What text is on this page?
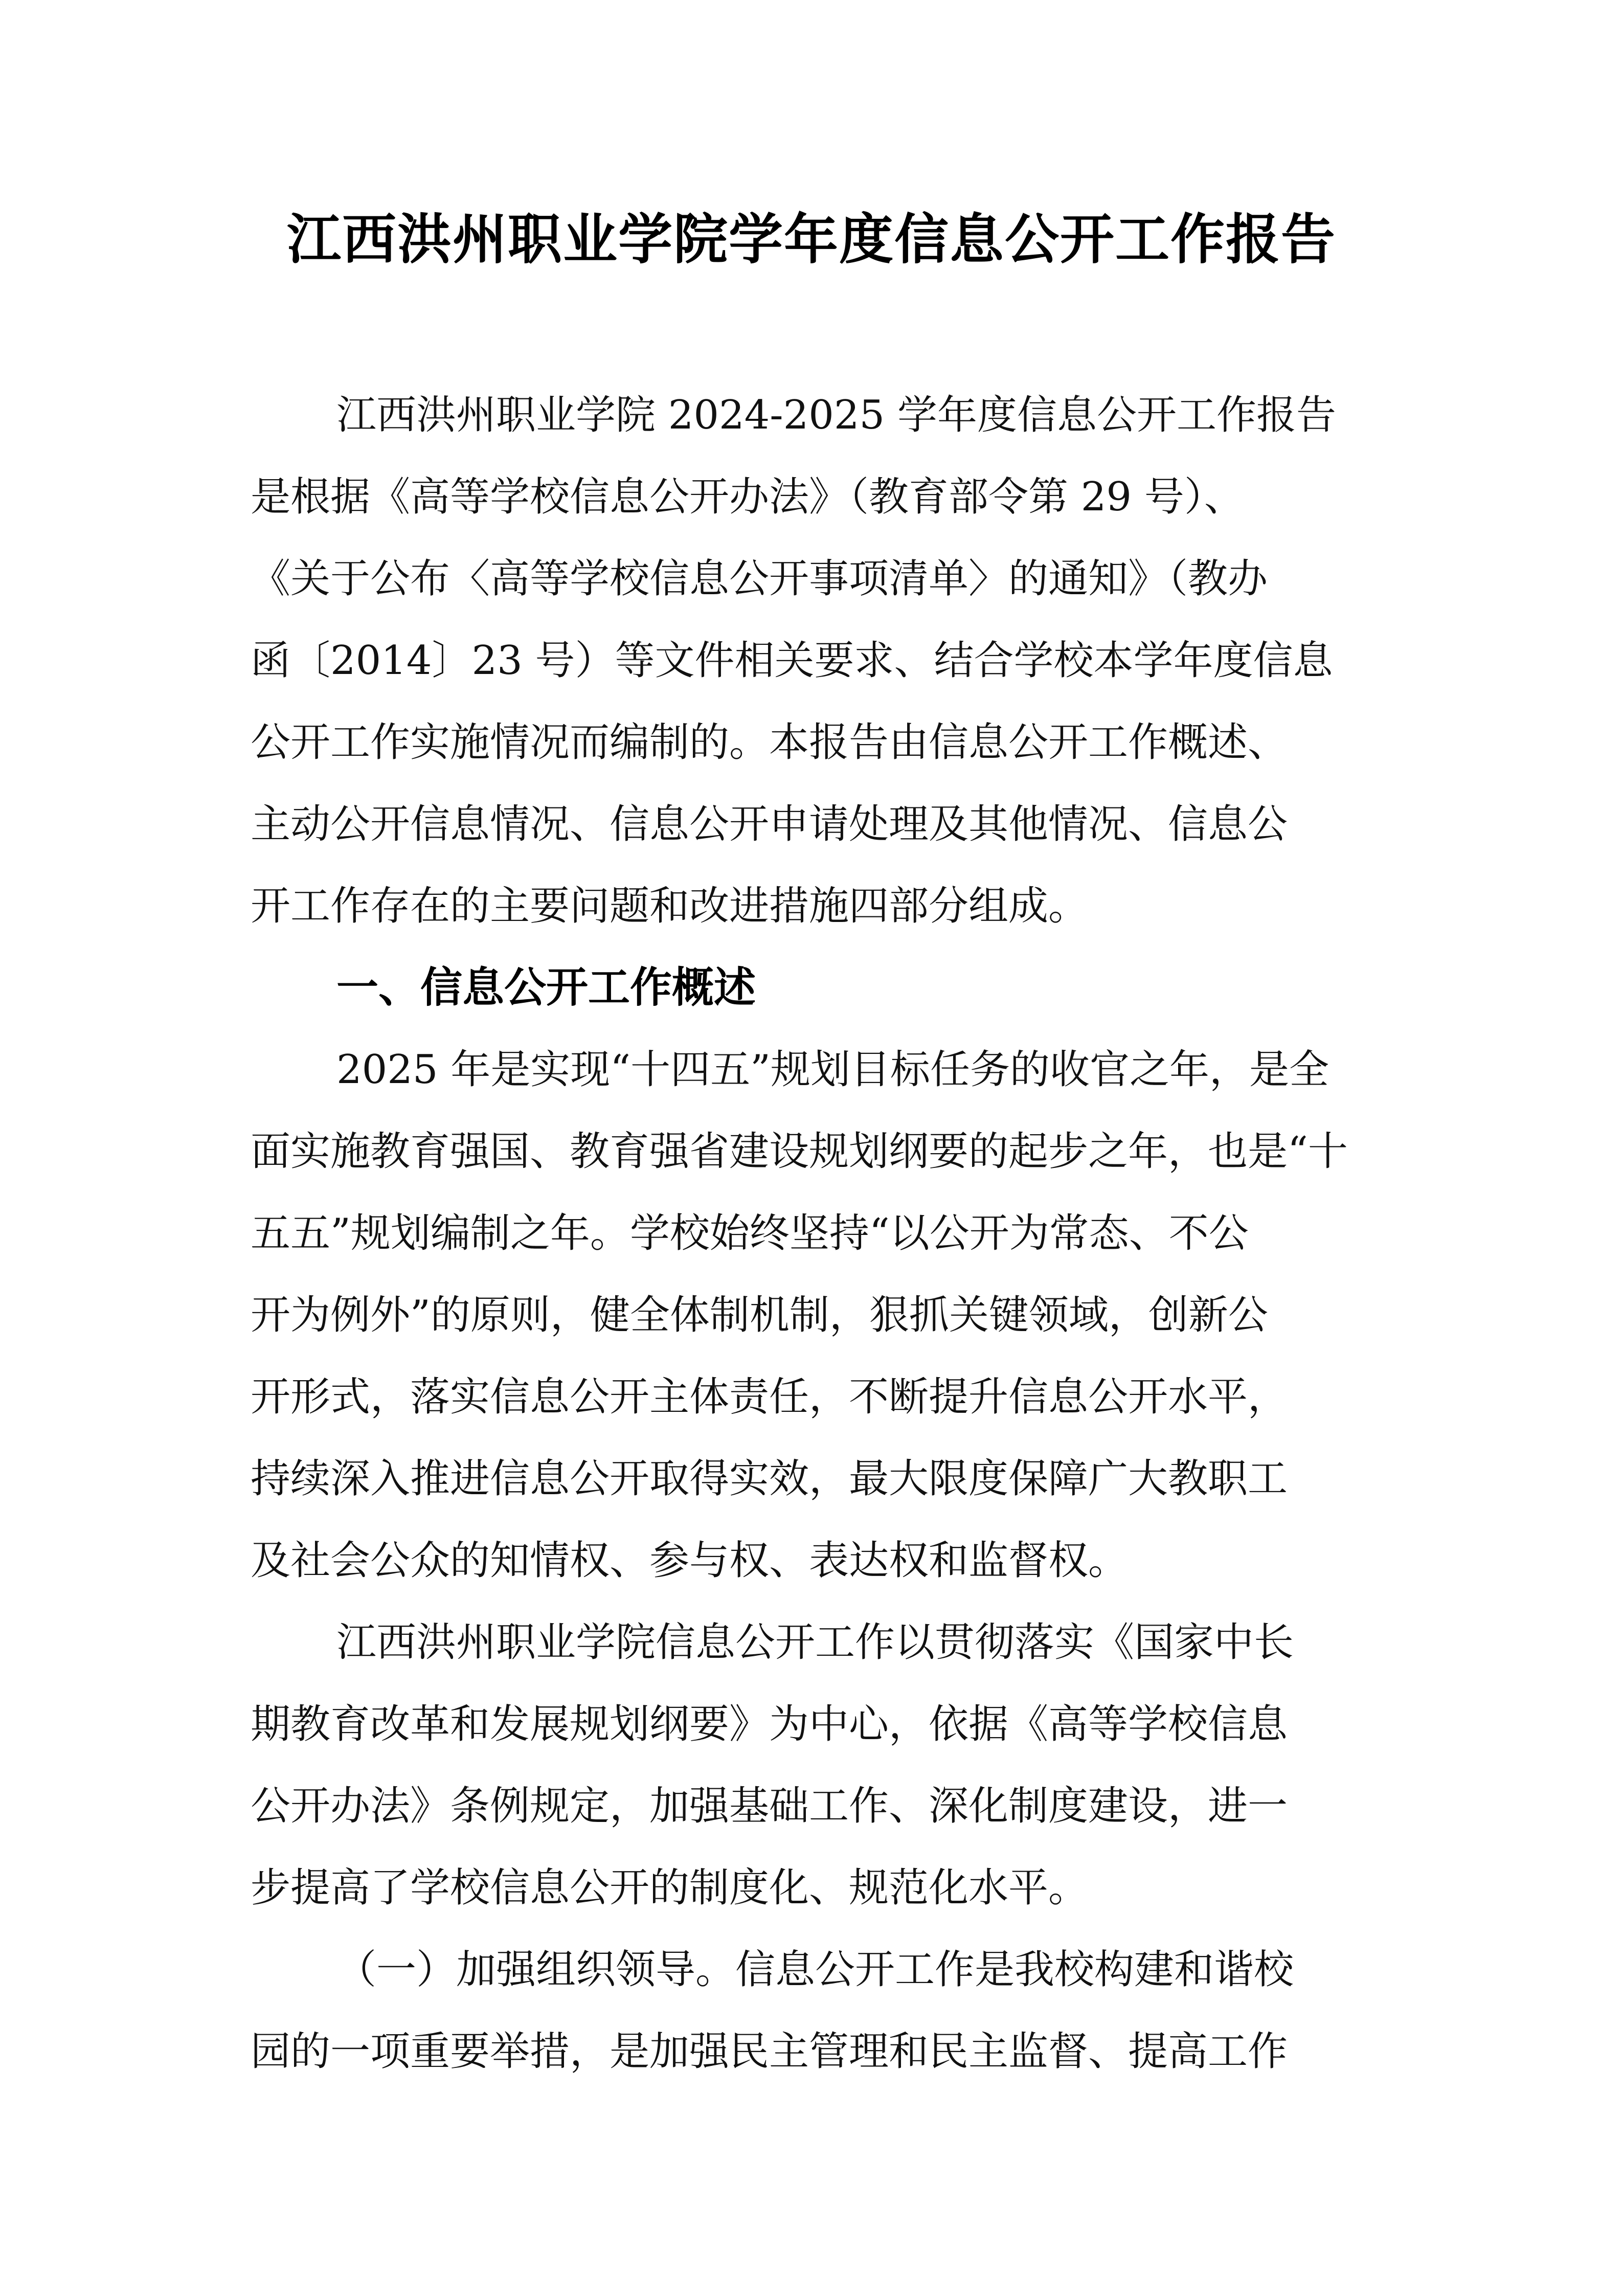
江西洪州职业学院学年度信息公开工作报告
江西洪州职业学院 2024-2025 学年度信息公开工作报告
是根据《高等学校信息公开办法》（教育部令第 29 号）、
《关于公布〈高等学校信息公开事项清单〉的通知》（教办
函〔2014〕23 号）等文件相关要求、结合学校本学年度信息
公开工作实施情况而编制的。本报告由信息公开工作概述、
主动公开信息情况、信息公开申请处理及其他情况、信息公
开工作存在的主要问题和改进措施四部分组成。
一、信息公开工作概述
2025 年是实现“十四五”规划目标任务的收官之年，是全
面实施教育强国、教育强省建设规划纲要的起步之年，也是“十
五五”规划编制之年。学校始终坚持“以公开为常态、不公
开为例外”的原则，健全体制机制，狠抓关键领域，创新公
开形式，落实信息公开主体责任，不断提升信息公开水平，
持续深入推进信息公开取得实效，最大限度保障广大教职工
及社会公众的知情权、参与权、表达权和监督权。
江西洪州职业学院信息公开工作以贯彻落实《国家中长
期教育改革和发展规划纲要》为中心，依据《高等学校信息
公开办法》条例规定，加强基础工作、深化制度建设，进一
步提高了学校信息公开的制度化、规范化水平。
（一）加强组织领导。信息公开工作是我校构建和谐校
园的一项重要举措，是加强民主管理和民主监督、提高工作
